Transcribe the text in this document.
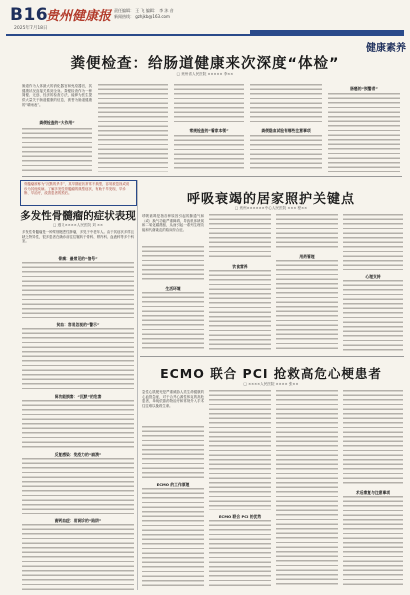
B16
贵州健康报
2025年7月18日
责任编辑： 王 飞 编辑： 李 沐 音
新闻热线： gzhjkb@163.com
健康素养
粪便检查：给肠道健康来次深度“体检”
□ 贵州省人民医院 ××××× 李××
肠道作为人体最大的消化器官和免疫器官，其健康状况直接关系到全身。粪便检查作为一种简便、无创、经济的检查方法，能够为医生提供大量关于肠道健康的信息，被誉为肠道健康的“晴雨表”。
粪便检查的“大作用”
常规检查的“看家本领”	粪便隐血试验有哪些注意事项
肠癌的“预警者”
呼吸衰竭的居家照护关键点
□ 贵州××××××中心人民医院 ××× 程××
骨髓瘤被称为“沉默的杀手”，其早期症状常常不典型，容易被忽视或误诊为其他疾病。了解多发性骨髓瘤的典型症状，有助于早发现、早诊断、早治疗，改善患者的预后。
多发性骨髓瘤的症状表现
□ 遵义××××人民医院 刘 ××
多发性骨髓瘤是一种浆细胞恶性肿瘤，多见于中老年人。由于其症状多样且缺乏特异性，很多患者在确诊前往往辗转于骨科、肾内科、血液科等多个科室。
骨痛：最常见的“信号”
贫血：容易忽视的“警示”
肾功能损害：“沉默”的危害
反复感染：免疫力的“崩溃”
高钙血症：易误诊的“陷阱”
呼吸衰竭是指各种原因引起的肺通气和（或）换气功能严重障碍，导致机体缺氧和二氧化碳潴留，从而引起一系列生理功能和代谢紊乱的临床综合征。
生活环境
饮食营养
用药管理
心理支持
ECMO 联合 PCI 抢救高危心梗患者
□ ××××人民医院 ×××× 张××
急性心肌梗死是严重威胁人类生命健康的心血管急症，对于合并心源性休克的高危患者，单纯依靠药物治疗和常规介入手术往往难以挽救生命。
ECMO 的工作原理
ECMO 联合 PCI 的优势
术后康复与注意事项
